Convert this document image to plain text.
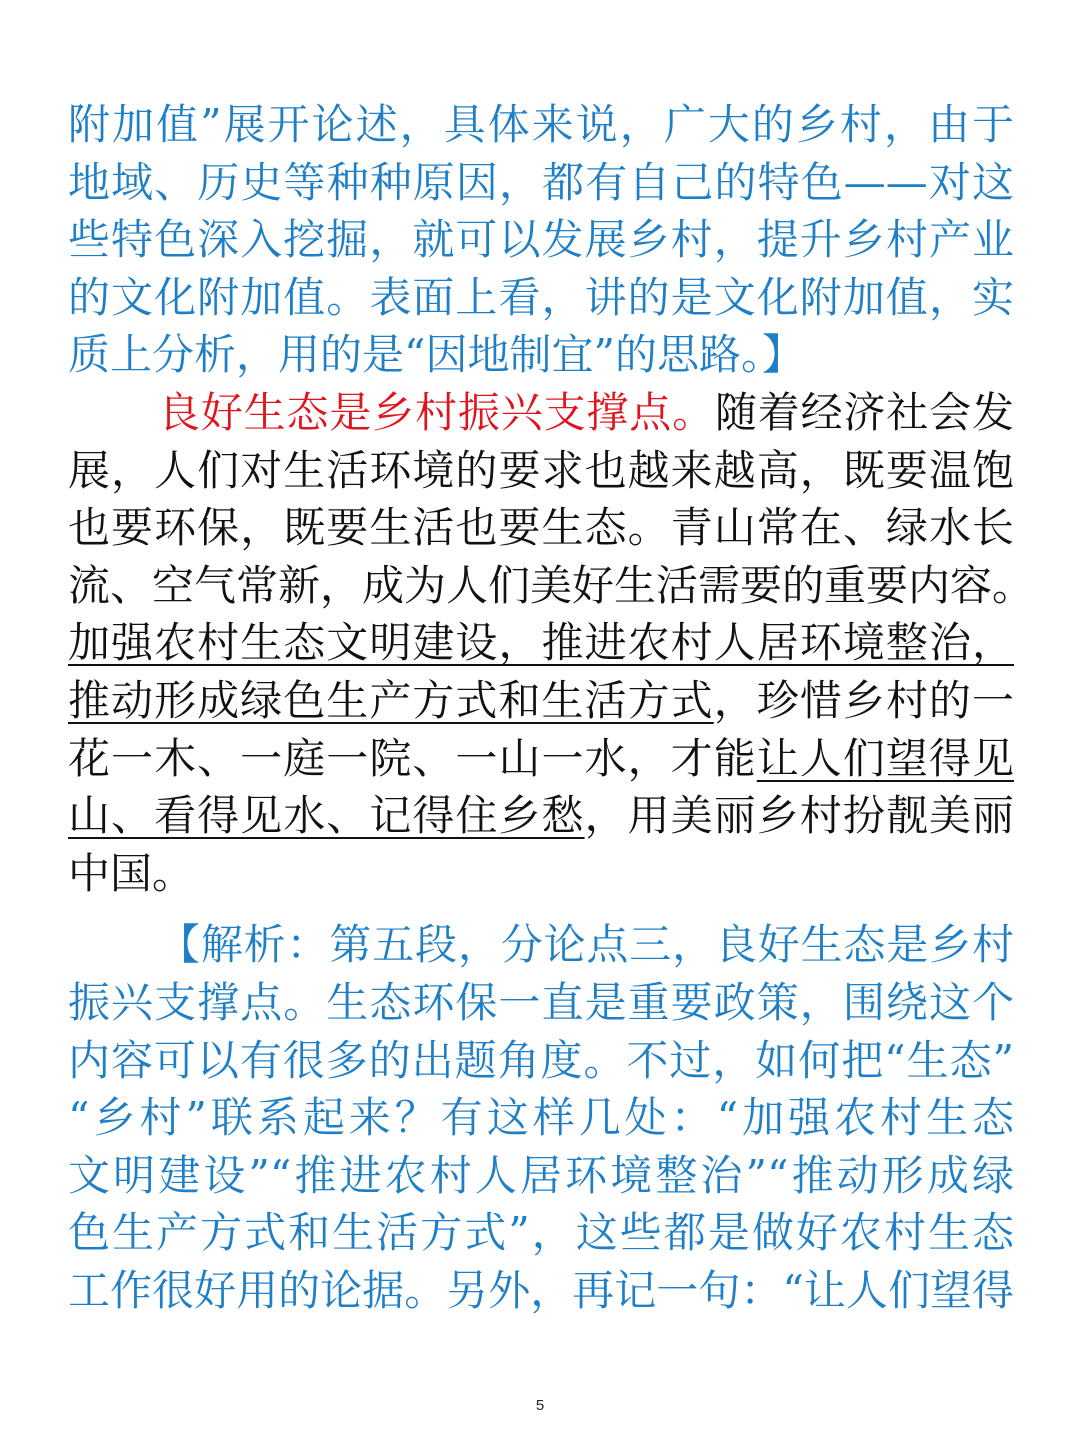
附加值”展开论述，具体来说，广大的乡村，由于
地域、历史等种种原因，都有自己的特色——对这
些特色深入挖掘，就可以发展乡村，提升乡村产业
的文化附加值。表面上看，讲的是文化附加值，实
质上分析，用的是“因地制宜”的思路。】
良好生态是乡村振兴支撑点。随着经济社会发
展，人们对生活环境的要求也越来越高，既要温饱
也要环保，既要生活也要生态。青山常在、绿水长
流、空气常新，成为人们美好生活需要的重要内容。
加强农村生态文明建设，推进农村人居环境整治，
推动形成绿色生产方式和生活方式，珍惜乡村的一
花一木、一庭一院、一山一水，才能让人们望得见
山、看得见水、记得住乡愁，用美丽乡村扮靓美丽
中国。
【解析：第五段，分论点三，良好生态是乡村
振兴支撑点。生态环保一直是重要政策，围绕这个
内容可以有很多的出题角度。不过，如何把“生态”
“乡村”联系起来？有这样几处：“加强农村生态
文明建设”“推进农村人居环境整治”“推动形成绿
色生产方式和生活方式”，这些都是做好农村生态
工作很好用的论据。另外，再记一句：“让人们望得
5
